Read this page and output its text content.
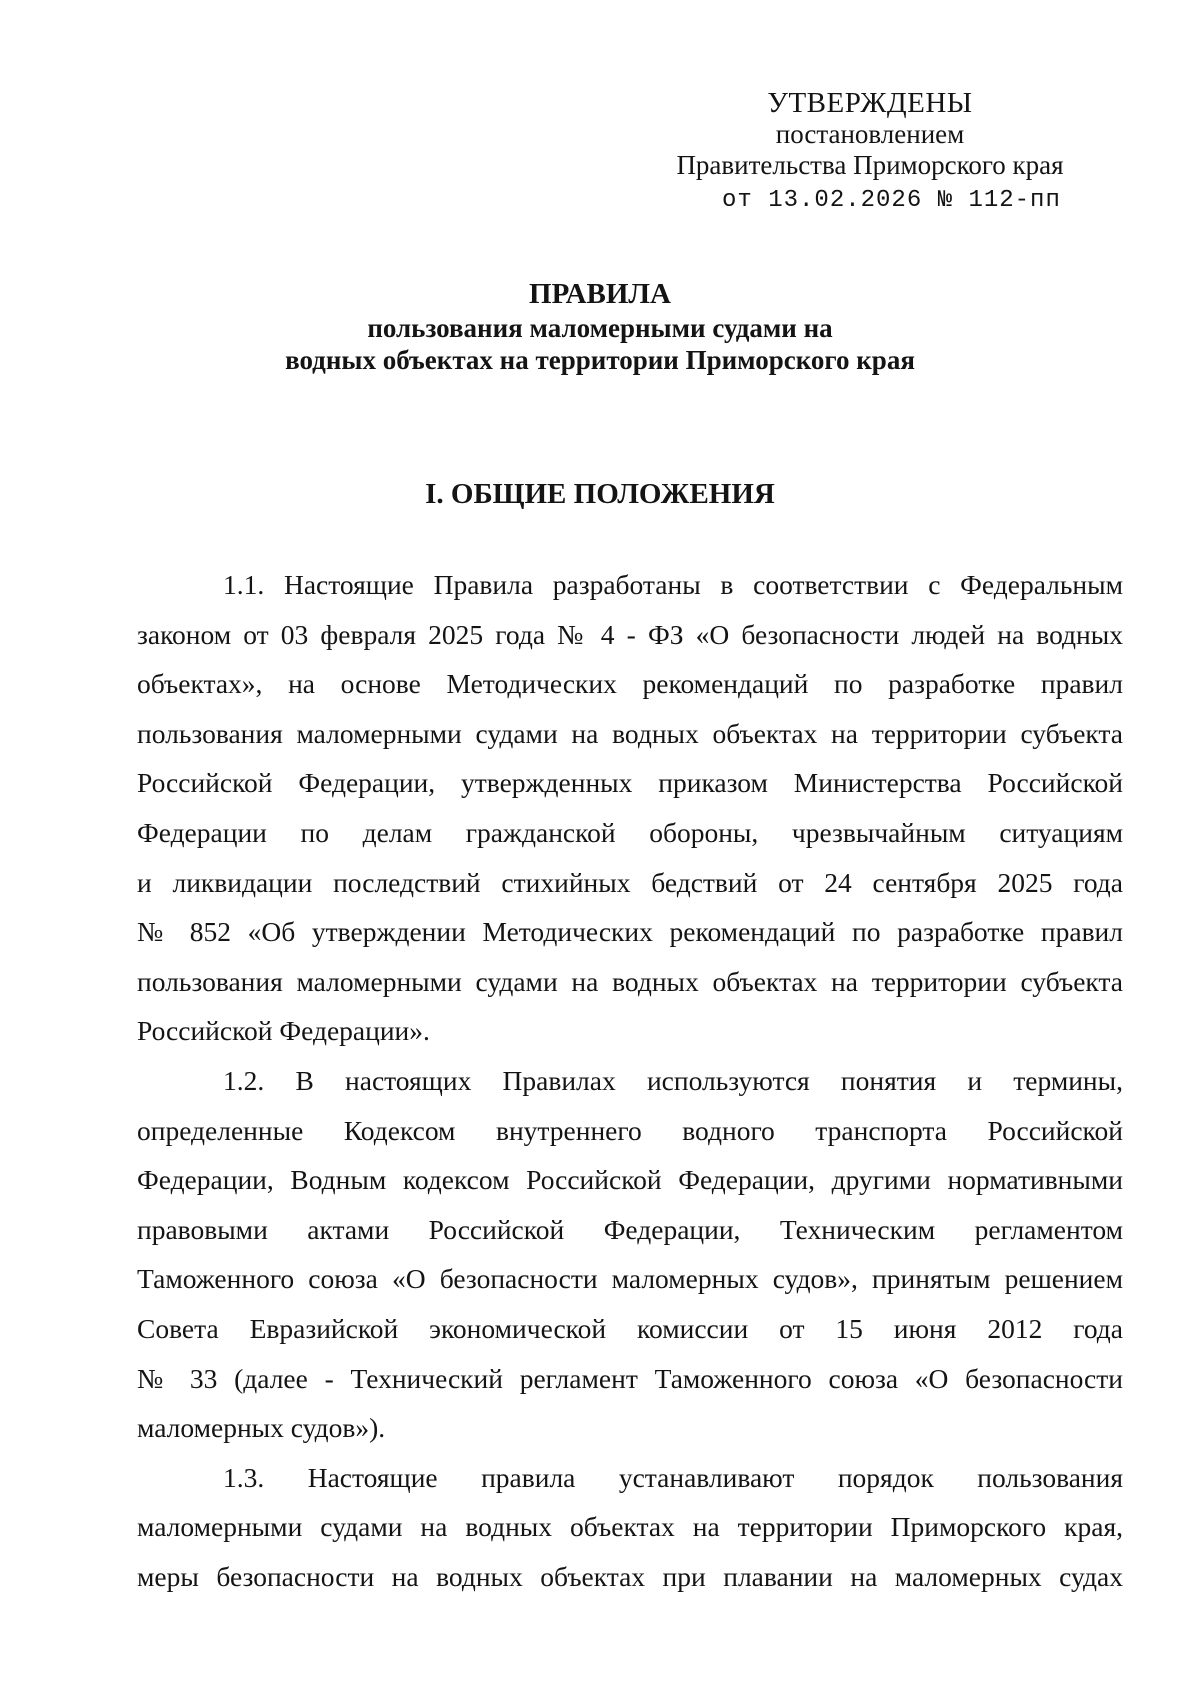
УТВЕРЖДЕНЫ
постановлением
Правительства Приморского края
от 13.02.2026 № 112-пп
ПРАВИЛА
пользования маломерными судами на
водных объектах на территории Приморского края
I. ОБЩИЕ ПОЛОЖЕНИЯ
1.1. Настоящие Правила разработаны в соответствии с Федеральным
законом от 03 февраля 2025 года № 4 - ФЗ «О безопасности людей на водных
объектах», на основе Методических рекомендаций по разработке правил
пользования маломерными судами на водных объектах на территории субъекта
Российской Федерации, утвержденных приказом Министерства Российской
Федерации по делам гражданской обороны, чрезвычайным ситуациям
и ликвидации последствий стихийных бедствий от 24 сентября 2025 года
№ 852 «Об утверждении Методических рекомендаций по разработке правил
пользования маломерными судами на водных объектах на территории субъекта
Российской Федерации».
1.2. В настоящих Правилах используются понятия и термины,
определенные Кодексом внутреннего водного транспорта Российской
Федерации, Водным кодексом Российской Федерации, другими нормативными
правовыми актами Российской Федерации, Техническим регламентом
Таможенного союза «О безопасности маломерных судов», принятым решением
Совета Евразийской экономической комиссии от 15 июня 2012 года
№ 33 (далее - Технический регламент Таможенного союза «О безопасности
маломерных судов»).
1.3. Настоящие правила устанавливают порядок пользования
маломерными судами на водных объектах на территории Приморского края,
меры безопасности на водных объектах при плавании на маломерных судах
